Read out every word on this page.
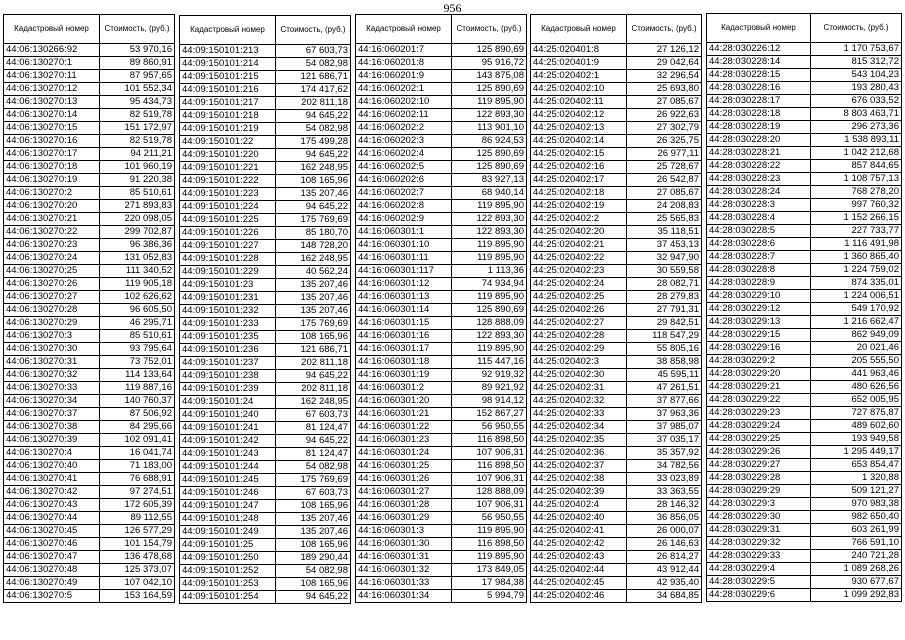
956
Кадастровый номер	Стоимость, (руб.)
44:06:130266:92	53 970,16
44:06:130270:1	89 860,91
44:06:130270:11	87 957,65
44:06:130270:12	101 552,34
44:06:130270:13	95 434,73
44:06:130270:14	82 519,78
44:06:130270:15	151 172,97
44:06:130270:16	82 519,78
44:06:130270:17	94 211,21
44:06:130270:18	101 960,19
44:06:130270:19	91 220,38
44:06:130270:2	85 510,61
44:06:130270:20	271 893,83
44:06:130270:21	220 098,05
44:06:130270:22	299 702,87
44:06:130270:23	96 386,36
44:06:130270:24	131 052,83
44:06:130270:25	111 340,52
44:06:130270:26	119 905,18
44:06:130270:27	102 626,62
44:06:130270:28	96 605,50
44:06:130270:29	46 295,71
44:06:130270:3	85 510,61
44:06:130270:30	93 795,64
44:06:130270:31	73 752,01
44:06:130270:32	114 133,64
44:06:130270:33	119 887,16
44:06:130270:34	140 760,37
44:06:130270:37	87 506,92
44:06:130270:38	84 295,66
44:06:130270:39	102 091,41
44:06:130270:4	16 041,74
44:06:130270:40	71 183,00
44:06:130270:41	76 688,91
44:06:130270:42	97 274,51
44:06:130270:43	172 605,39
44:06:130270:44	89 112,55
44:06:130270:45	126 577,29
44:06:130270:46	101 154,79
44:06:130270:47	136 478,68
44:06:130270:48	125 373,07
44:06:130270:49	107 042,10
44:06:130270:5	153 164,59
Кадастровый номер	Стоимость, (руб.)
44:09:150101:213	67 603,73
44:09:150101:214	54 082,98
44:09:150101:215	121 686,71
44:09:150101:216	174 417,62
44:09:150101:217	202 811,18
44:09:150101:218	94 645,22
44:09:150101:219	54 082,98
44:09:150101:22	175 499,28
44:09:150101:220	94 645,22
44:09:150101:221	162 248,95
44:09:150101:222	108 165,96
44:09:150101:223	135 207,46
44:09:150101:224	94 645,22
44:09:150101:225	175 769,69
44:09:150101:226	85 180,70
44:09:150101:227	148 728,20
44:09:150101:228	162 248,95
44:09:150101:229	40 562,24
44:09:150101:23	135 207,46
44:09:150101:231	135 207,46
44:09:150101:232	135 207,46
44:09:150101:233	175 769,69
44:09:150101:235	108 165,96
44:09:150101:236	121 686,71
44:09:150101:237	202 811,18
44:09:150101:238	94 645,22
44:09:150101:239	202 811,18
44:09:150101:24	162 248,95
44:09:150101:240	67 603,73
44:09:150101:241	81 124,47
44:09:150101:242	94 645,22
44:09:150101:243	81 124,47
44:09:150101:244	54 082,98
44:09:150101:245	175 769,69
44:09:150101:246	67 603,73
44:09:150101:247	108 165,96
44:09:150101:248	135 207,46
44:09:150101:249	135 207,46
44:09:150101:25	108 165,96
44:09:150101:250	189 290,44
44:09:150101:252	54 082,98
44:09:150101:253	108 165,96
44:09:150101:254	94 645,22
Кадастровый номер	Стоимость, (руб.)
44:16:060201:7	125 890,69
44:16:060201:8	95 916,72
44:16:060201:9	143 875,08
44:16:060202:1	125 890,69
44:16:060202:10	119 895,90
44:16:060202:11	122 893,30
44:16:060202:2	113 901,10
44:16:060202:3	86 924,53
44:16:060202:4	125 890,69
44:16:060202:5	125 890,69
44:16:060202:6	83 927,13
44:16:060202:7	68 940,14
44:16:060202:8	119 895,90
44:16:060202:9	122 893,30
44:16:060301:1	122 893,30
44:16:060301:10	119 895,90
44:16:060301:11	119 895,90
44:16:060301:117	1 113,36
44:16:060301:12	74 934,94
44:16:060301:13	119 895,90
44:16:060301:14	125 890,69
44:16:060301:15	128 888,09
44:16:060301:16	122 893,30
44:16:060301:17	119 895,90
44:16:060301:18	115 447,16
44:16:060301:19	92 919,32
44:16:060301:2	89 921,92
44:16:060301:20	98 914,12
44:16:060301:21	152 867,27
44:16:060301:22	56 950,55
44:16:060301:23	116 898,50
44:16:060301:24	107 906,31
44:16:060301:25	116 898,50
44:16:060301:26	107 906,31
44:16:060301:27	128 888,09
44:16:060301:28	107 906,31
44:16:060301:29	56 950,55
44:16:060301:3	119 895,90
44:16:060301:30	116 898,50
44:16:060301:31	119 895,90
44:16:060301:32	173 849,05
44:16:060301:33	17 984,38
44:16:060301:34	5 994,79
Кадастровый номер	Стоимость, (руб.)
44:25:020401:8	27 126,12
44:25:020401:9	29 042,64
44:25:020402:1	32 296,54
44:25:020402:10	25 693,80
44:25:020402:11	27 085,67
44:25:020402:12	26 922,63
44:25:020402:13	27 302,79
44:25:020402:14	26 325,75
44:25:020402:15	26 977,11
44:25:020402:16	25 728,67
44:25:020402:17	26 542,87
44:25:020402:18	27 085,67
44:25:020402:19	24 208,83
44:25:020402:2	25 565,83
44:25:020402:20	35 118,51
44:25:020402:21	37 453,13
44:25:020402:22	32 947,90
44:25:020402:23	30 559,58
44:25:020402:24	28 082,71
44:25:020402:25	28 279,83
44:25:020402:26	27 791,31
44:25:020402:27	29 842,51
44:25:020402:28	118 547,29
44:25:020402:29	55 805,16
44:25:020402:3	38 858,98
44:25:020402:30	45 595,11
44:25:020402:31	47 261,51
44:25:020402:32	37 877,66
44:25:020402:33	37 963,36
44:25:020402:34	37 985,07
44:25:020402:35	37 035,17
44:25:020402:36	35 357,92
44:25:020402:37	34 782,56
44:25:020402:38	33 023,89
44:25:020402:39	33 363,55
44:25:020402:4	28 146,32
44:25:020402:40	36 856,05
44:25:020402:41	26 000,07
44:25:020402:42	26 146,63
44:25:020402:43	26 814,27
44:25:020402:44	43 912,44
44:25:020402:45	42 935,40
44:25:020402:46	34 684,85
Кадастровый номер	Стоимость, (руб.)
44:28:030226:12	1 170 753,67
44:28:030228:14	815 312,72
44:28:030228:15	543 104,23
44:28:030228:16	193 280,43
44:28:030228:17	676 033,52
44:28:030228:18	8 803 463,71
44:28:030228:19	296 273,36
44:28:030228:20	1 538 893,11
44:28:030228:21	1 042 212,68
44:28:030228:22	857 844,65
44:28:030228:23	1 108 757,13
44:28:030228:24	768 278,20
44:28:030228:3	997 760,32
44:28:030228:4	1 152 266,15
44:28:030228:5	227 733,77
44:28:030228:6	1 116 491,98
44:28:030228:7	1 360 865,40
44:28:030228:8	1 224 759,02
44:28:030228:9	874 335,01
44:28:030229:10	1 224 006,51
44:28:030229:12	549 170,92
44:28:030229:13	1 216 662,47
44:28:030229:15	862 949,09
44:28:030229:16	20 021,46
44:28:030229:2	205 555,50
44:28:030229:20	441 963,46
44:28:030229:21	480 626,56
44:28:030229:22	652 005,95
44:28:030229:23	727 875,87
44:28:030229:24	489 602,60
44:28:030229:25	193 949,58
44:28:030229:26	1 295 449,17
44:28:030229:27	653 854,47
44:28:030229:28	1 320,88
44:28:030229:29	509 121,27
44:28:030229:3	970 983,38
44:28:030229:30	982 650,40
44:28:030229:31	603 261,99
44:28:030229:32	766 591,10
44:28:030229:33	240 721,28
44:28:030229:4	1 089 268,26
44:28:030229:5	930 677,67
44:28:030229:6	1 099 292,83
